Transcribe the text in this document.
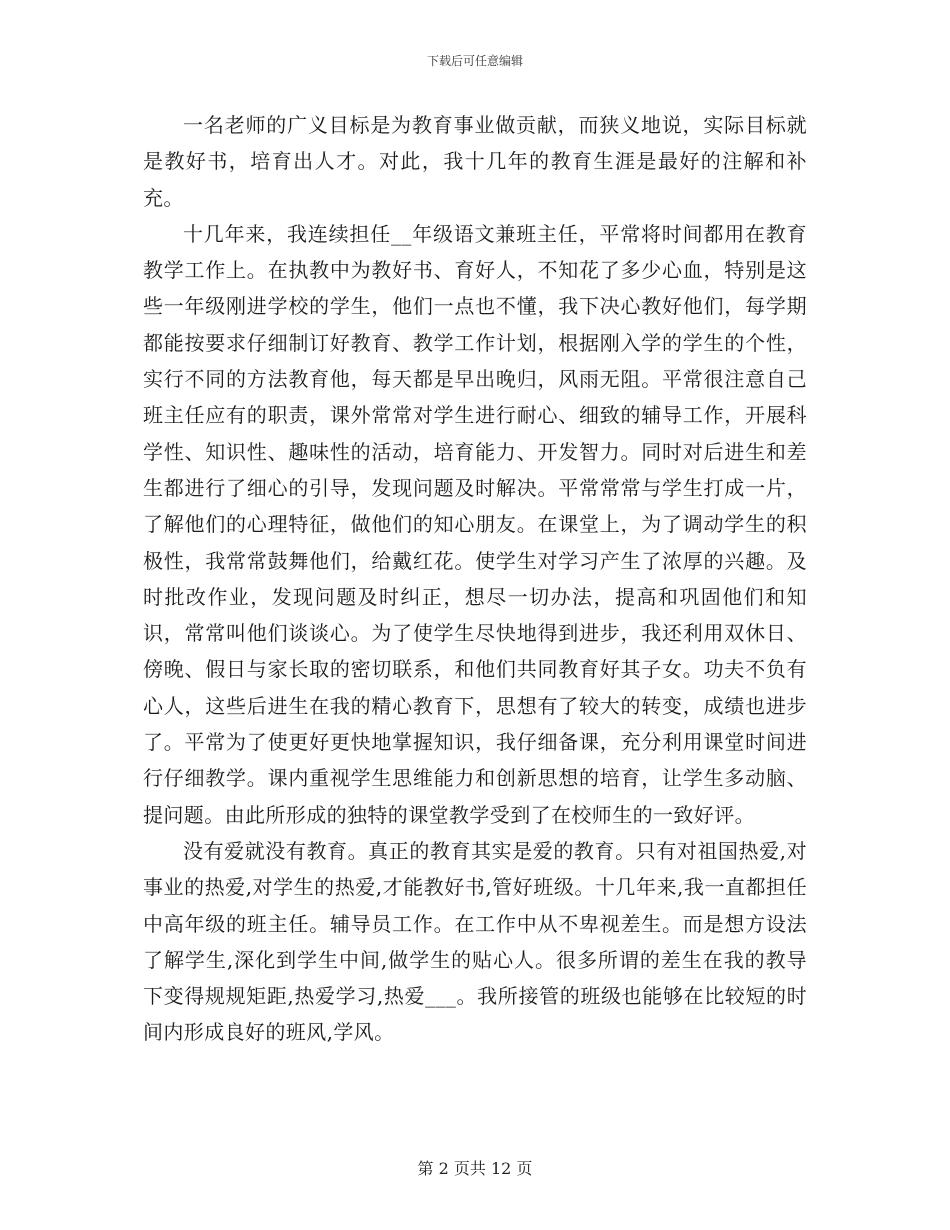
下载后可任意编辑

一名老师的广义目标是为教育事业做贡献，而狭义地说，实际目标就是教好书，培育出人才。对此，我十几年的教育生涯是最好的注解和补充。

十几年来，我连续担任__年级语文兼班主任，平常将时间都用在教育教学工作上。在执教中为教好书、育好人，不知花了多少心血，特别是这些一年级刚进学校的学生，他们一点也不懂，我下决心教好他们，每学期都能按要求仔细制订好教育、教学工作计划，根据刚入学的学生的个性，实行不同的方法教育他，每天都是早出晚归，风雨无阻。平常很注意自己班主任应有的职责，课外常常对学生进行耐心、细致的辅导工作，开展科学性、知识性、趣味性的活动，培育能力、开发智力。同时对后进生和差生都进行了细心的引导，发现问题及时解决。平常常常与学生打成一片，了解他们的心理特征，做他们的知心朋友。在课堂上，为了调动学生的积极性，我常常鼓舞他们，给戴红花。使学生对学习产生了浓厚的兴趣。及时批改作业，发现问题及时纠正，想尽一切办法，提高和巩固他们和知识，常常叫他们谈谈心。为了使学生尽快地得到进步，我还利用双休日、傍晚、假日与家长取的密切联系，和他们共同教育好其子女。功夫不负有心人，这些后进生在我的精心教育下，思想有了较大的转变，成绩也进步了。平常为了使更好更快地掌握知识，我仔细备课，充分利用课堂时间进行仔细教学。课内重视学生思维能力和创新思想的培育，让学生多动脑、提问题。由此所形成的独特的课堂教学受到了在校师生的一致好评。

没有爱就没有教育。真正的教育其实是爱的教育。只有对祖国热爱,对事业的热爱,对学生的热爱,才能教好书,管好班级。十几年来,我一直都担任中高年级的班主任。辅导员工作。在工作中从不卑视差生。而是想方设法了解学生,深化到学生中间,做学生的贴心人。很多所谓的差生在我的教导下变得规规矩距,热爱学习,热爱___。我所接管的班级也能够在比较短的时间内形成良好的班风,学风。

第 2 页共 12 页
